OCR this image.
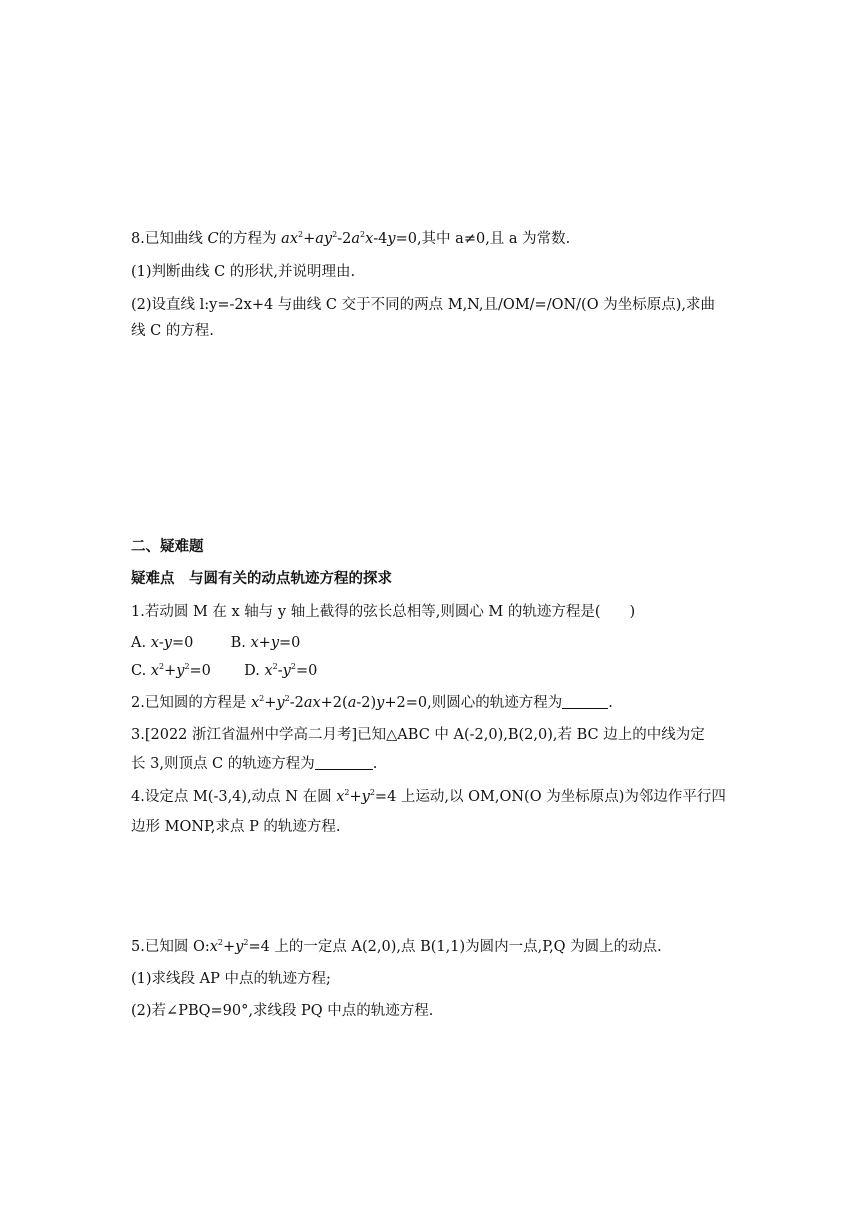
8.已知曲线 C的方程为 $ax^2+ay^2-2a^2x-4y=0$,其中 a≠0,且 a 为常数.
(1)判断曲线 C 的形状,并说明理由.
(2)设直线 l:y=-2x+4 与曲线 C 交于不同的两点 M,N,且/OM/=/ON/(O 为坐标原点),求曲
线 C 的方程.
二、疑难题
疑难点　与圆有关的动点轨迹方程的探求
1.若动圆 M 在 x 轴与 y 轴上截得的弦长总相等,则圆心 M 的轨迹方程是(　　)
A. x-y=0	B. x+y=0
C. $x^2+y^2=0$ D. $x^2-y^2=0$
2.已知圆的方程是 $x^2+y^2-2ax+2(a-2)y+2=0$,则圆心的轨迹方程为	.
3.[2022 浙江省温州中学高二月考]已知△ABC 中 A(-2,0),B(2,0),若 BC 边上的中线为定
长 3,则顶点 C 的轨迹方程为	.
4.设定点 M(-3,4),动点 N 在圆 $x^2+y^2=4$ 上运动,以 OM,ON(O 为坐标原点)为邻边作平行四
边形 MONP,求点 P 的轨迹方程.
5.已知圆 $O:x^2+y^2=4$ 上的一定点 A(2,0),点 B(1,1)为圆内一点,P,Q 为圆上的动点.
(1)求线段 AP 中点的轨迹方程;
(2)若∠PBQ=90°,求线段 PQ 中点的轨迹方程.
